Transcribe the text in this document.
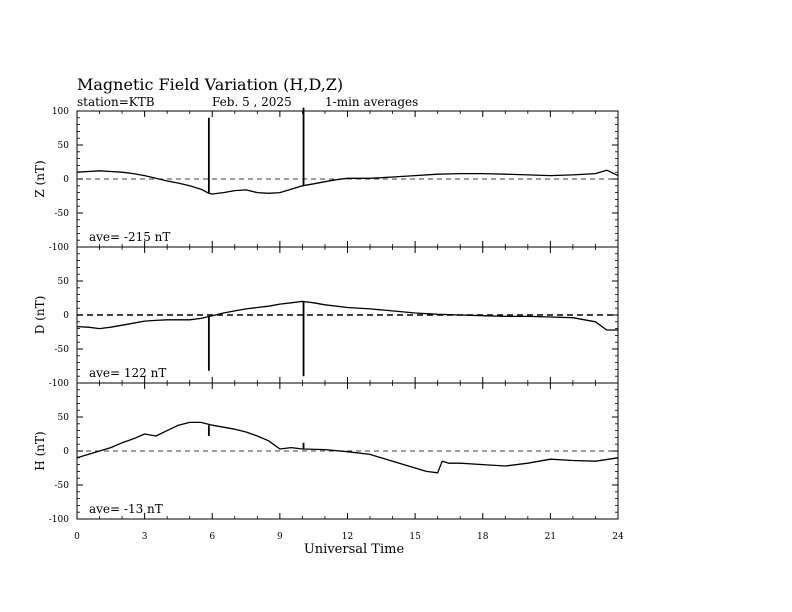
Magnetic Field Variation (H,D,Z)
station=KTB	Feb. 5 , 2025	1-min averages
100
50
0
-50
-100
Z (nT)
ave= -215 nT
50
0
-50
-100
D (nT)
ave= 122 nT
50
0
-50
-100
H (nT)
ave= -13 nT
0	3	6	9	12	15	18	21	24
Universal Time
